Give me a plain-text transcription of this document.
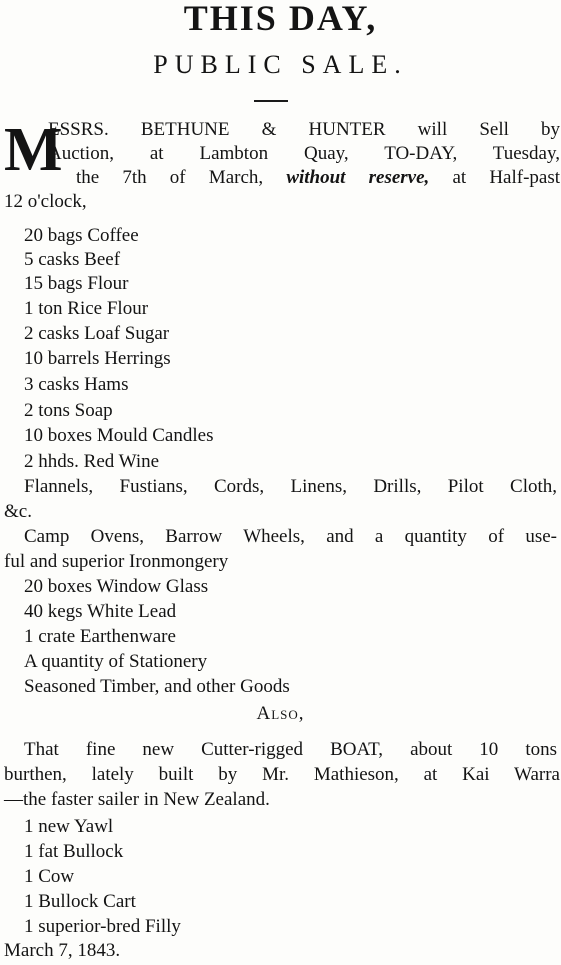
THIS DAY,
PUBLIC SALE.
M
ESSRS. BETHUNE & HUNTER will Sell by
Auction, at Lambton Quay, TO-DAY, Tuesday,
the 7th of March, without reserve, at Half-past
12 o'clock,
20 bags Coffee
5 casks Beef
15 bags Flour
1 ton Rice Flour
2 casks Loaf Sugar
10 barrels Herrings
3 casks Hams
2 tons Soap
10 boxes Mould Candles
2 hhds. Red Wine
Flannels, Fustians, Cords, Linens, Drills, Pilot Cloth,
&c.
Camp Ovens, Barrow Wheels, and a quantity of use-
ful and superior Ironmongery
20 boxes Window Glass
40 kegs White Lead
1 crate Earthenware
A quantity of Stationery
Seasoned Timber, and other Goods
Also,
That fine new Cutter-rigged BOAT, about 10 tons
burthen, lately built by Mr. Mathieson, at Kai Warra
—the faster sailer in New Zealand.
1 new Yawl
1 fat Bullock
1 Cow
1 Bullock Cart
1 superior-bred Filly
March 7, 1843.
